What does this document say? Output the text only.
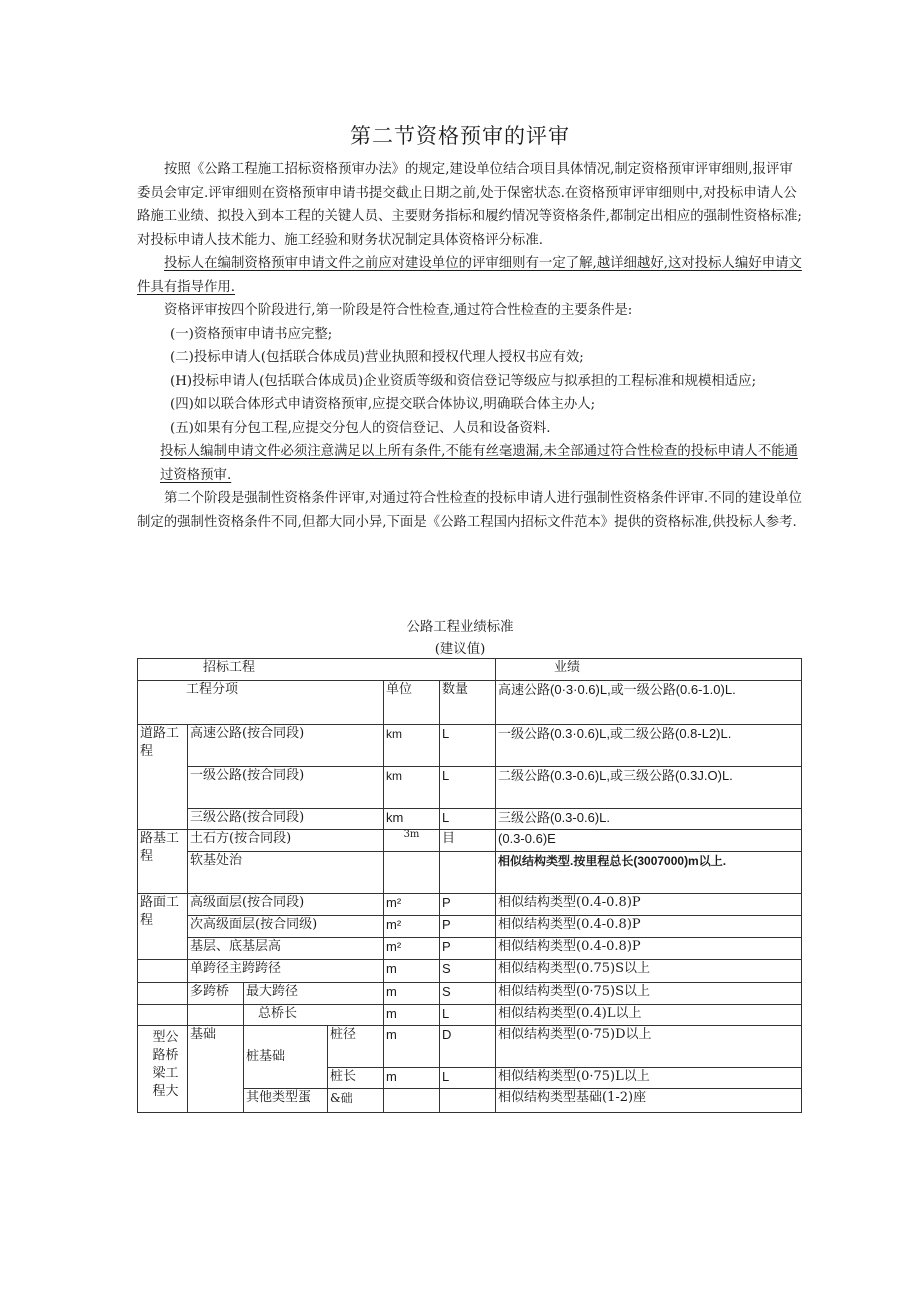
第二节资格预审的评审

按照《公路工程施工招标资格预审办法》的规定,建设单位结合项目具体情况,制定资格预审评审细则,报评审委员会审定.评审细则在资格预审申请书提交截止日期之前,处于保密状态.在资格预审评审细则中,对投标申请人公路施工业绩、拟投入到本工程的关键人员、主要财务指标和履约情况等资格条件,都制定出相应的强制性资格标准;对投标申请人技术能力、施工经验和财务状况制定具体资格评分标准.

投标人在编制资格预审申请文件之前应对建设单位的评审细则有一定了解,越详细越好,这对投标人编好申请文件具有指导作用.

资格评审按四个阶段进行,第一阶段是符合性检查,通过符合性检查的主要条件是:

(一)资格预审申请书应完整;

(二)投标申请人(包括联合体成员)营业执照和授权代理人授权书应有效;

(H)投标申请人(包括联合体成员)企业资质等级和资信登记等级应与拟承担的工程标准和规模相适应;

(四)如以联合体形式申请资格预审,应提交联合体协议,明确联合体主办人;

(五)如果有分包工程,应提交分包人的资信登记、人员和设备资料.

投标人编制申请文件必须注意满足以上所有条件,不能有丝毫遗漏,未全部通过符合性检查的投标申请人不能通过资格预审.

第二个阶段是强制性资格条件评审,对通过符合性检查的投标申请人进行强制性资格条件评审.不同的建设单位制定的强制性资格条件不同,但都大同小异,下面是《公路工程国内招标文件范本》提供的资格标准,供投标人参考.

公路工程业绩标准
(建议值)
招标工程						业绩
工程分项				单位	数量	高速公路(0·3·0.6)L,或一级公路(0.6-1.0)L.
道路工程	高速公路(按合同段)			km	L	一级公路(0.3·0.6)L,或二级公路(0.8-L2)L.
	一级公路(按合同段)			km	L	二级公路(0.3-0.6)L,或三级公路(0.3J.O)L.
	三级公路(按合同段)			km	L	三级公路(0.3-0.6)L.
路基工程	土石方(按合同段)			3m	目	(0.3-0.6)E
	软基处治					相似结构类型.按里程总长(3007000)m以上.
路面工程	高级面层(按合同段)			m²	P	相似结构类型(0.4-0.8)P
	次高级面层(按合同级)			m²	P	相似结构类型(0.4-0.8)P
	基层、底基层高			m²	P	相似结构类型(0.4-0.8)P
	单跨径主跨跨径			m	S	相似结构类型(0.75)S以上
	多跨桥	最大跨径		m	S	相似结构类型(0·75)S以上
		总桥长		m	L	相似结构类型(0.4)L以上
型公路桥梁工程大	基础	桩基础	桩径	m	D	相似结构类型(0·75)D以上
			桩长	m	L	相似结构类型(0·75)L以上
		其他类型蛋	&础			相似结构类型基础(1-2)座
